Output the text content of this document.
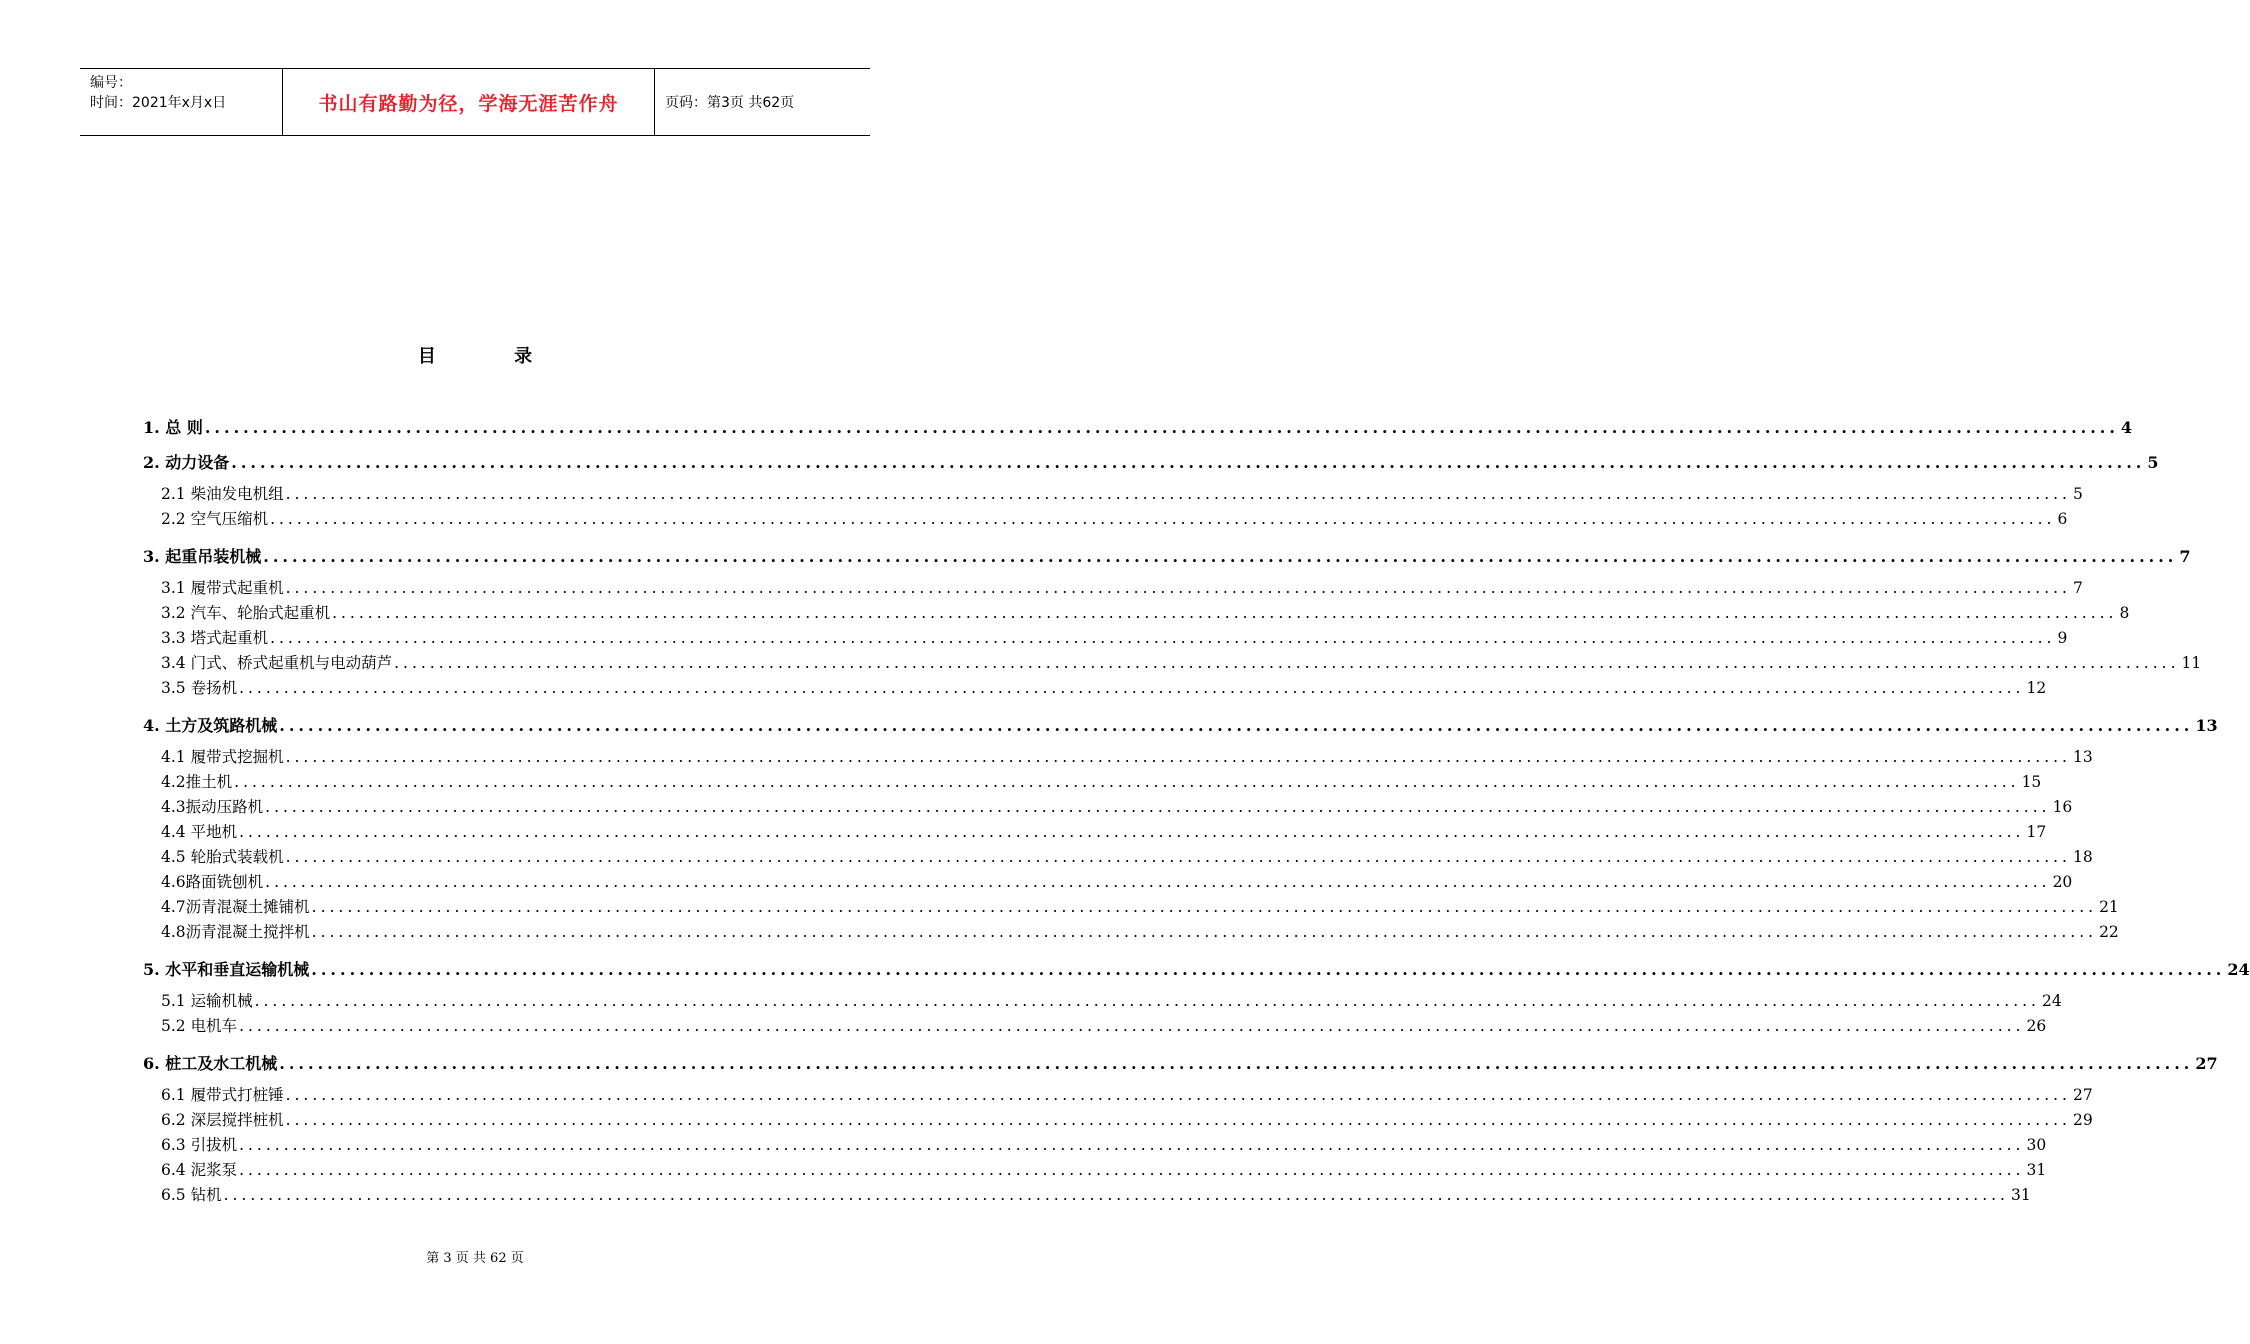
编号：
时间：2021年x月x日	书山有路勤为径，学海无涯苦作舟	页码：第3页 共62页
目 录
1. 总 则 ........................................................................................................................................................................................................ 4
2. 动力设备 ........................................................................................................................................................................................................ 5
2.1 柴油发电机组 ........................................................................................................................................................................................................ 5
2.2 空气压缩机 ........................................................................................................................................................................................................ 6
3. 起重吊装机械 ........................................................................................................................................................................................................ 7
3.1 履带式起重机 ........................................................................................................................................................................................................ 7
3.2 汽车、轮胎式起重机 ........................................................................................................................................................................................................ 8
3.3 塔式起重机 ........................................................................................................................................................................................................ 9
3.4 门式、桥式起重机与电动葫芦 ........................................................................................................................................................................................................ 11
3.5 卷扬机 ........................................................................................................................................................................................................ 12
4. 土方及筑路机械 ........................................................................................................................................................................................................ 13
4.1 履带式挖掘机 ........................................................................................................................................................................................................ 13
4.2推土机 ........................................................................................................................................................................................................ 15
4.3振动压路机 ........................................................................................................................................................................................................ 16
4.4 平地机 ........................................................................................................................................................................................................ 17
4.5 轮胎式装载机 ........................................................................................................................................................................................................ 18
4.6路面铣刨机 ........................................................................................................................................................................................................ 20
4.7沥青混凝土摊铺机 ........................................................................................................................................................................................................ 21
4.8沥青混凝土搅拌机 ........................................................................................................................................................................................................ 22
5. 水平和垂直运输机械 ........................................................................................................................................................................................................ 24
5.1 运输机械 ........................................................................................................................................................................................................ 24
5.2 电机车 ........................................................................................................................................................................................................ 26
6. 桩工及水工机械 ........................................................................................................................................................................................................ 27
6.1 履带式打桩锤 ........................................................................................................................................................................................................ 27
6.2 深层搅拌桩机 ........................................................................................................................................................................................................ 29
6.3 引拔机 ........................................................................................................................................................................................................ 30
6.4 泥浆泵 ........................................................................................................................................................................................................ 31
6.5 钻机 ........................................................................................................................................................................................................ 31
第 3 页 共 62 页
